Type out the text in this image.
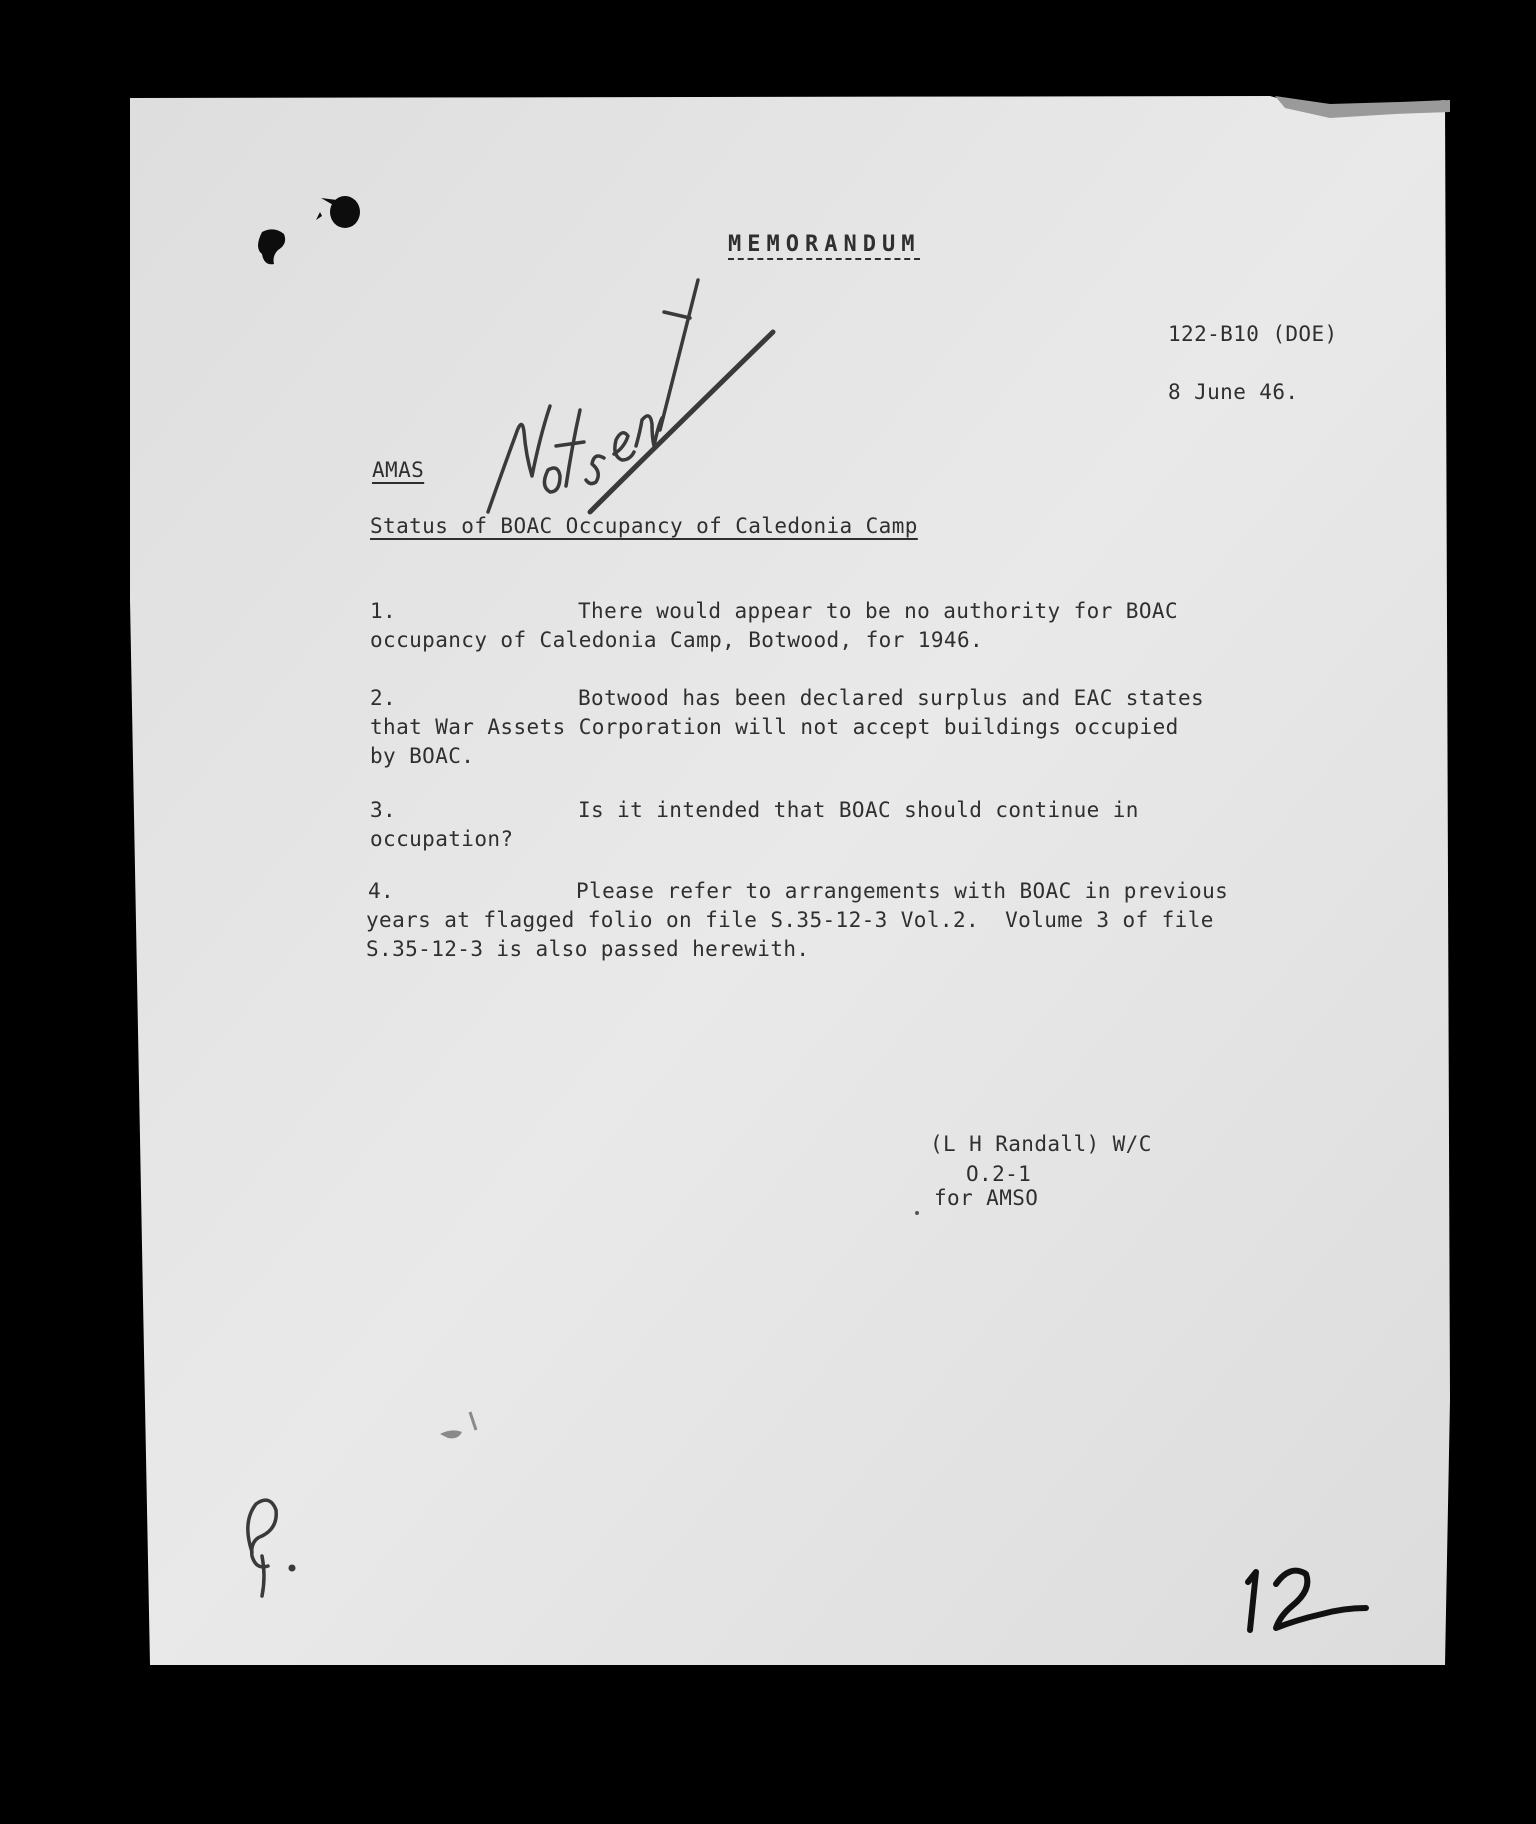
MEMORANDUM
122-B10 (DOE)
8 June 46.
AMAS
Status of BOAC Occupancy of Caledonia Camp
1.	There would appear to be no authority for BOAC
occupancy of Caledonia Camp, Botwood, for 1946.
2.	Botwood has been declared surplus and EAC states
that War Assets Corporation will not accept buildings occupied
by BOAC.
3.	Is it intended that BOAC should continue in
occupation?
4.	Please refer to arrangements with BOAC in previous
years at flagged folio on file S.35-12-3 Vol.2.  Volume 3 of file
S.35-12-3 is also passed herewith.
(L H Randall) W/C
O.2-1
for AMSO
